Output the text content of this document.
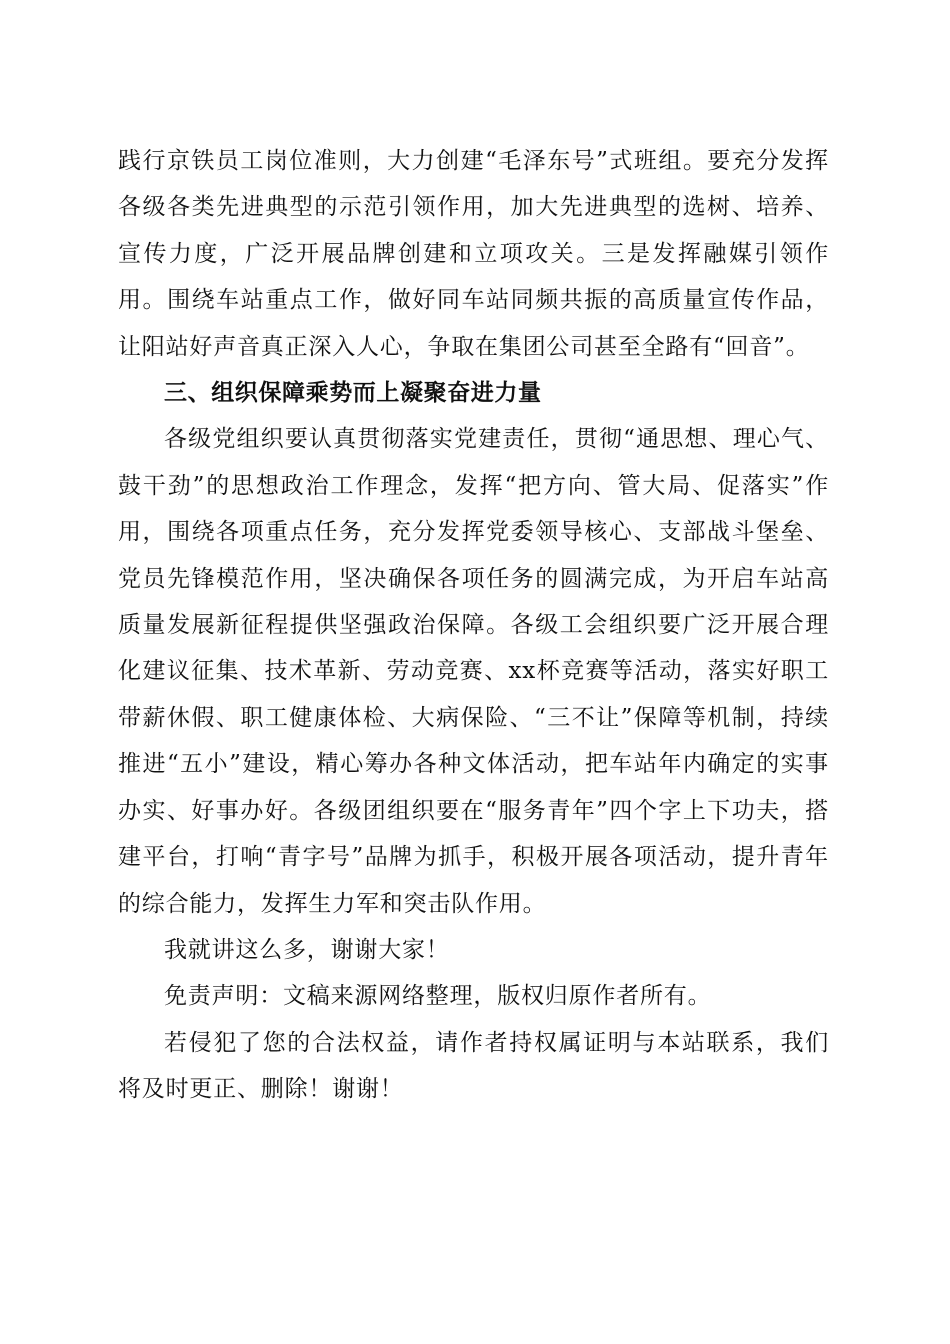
践行京铁员工岗位准则，大力创建“毛泽东号”式班组。要充分发挥各级各类先进典型的示范引领作用，加大先进典型的选树、培养、宣传力度，广泛开展品牌创建和立项攻关。三是发挥融媒引领作用。围绕车站重点工作，做好同车站同频共振的高质量宣传作品，让阳站好声音真正深入人心，争取在集团公司甚至全路有“回音”。

三、组织保障乘势而上凝聚奋进力量

各级党组织要认真贯彻落实党建责任，贯彻“通思想、理心气、鼓干劲”的思想政治工作理念，发挥“把方向、管大局、促落实”作用，围绕各项重点任务，充分发挥党委领导核心、支部战斗堡垒、党员先锋模范作用，坚决确保各项任务的圆满完成，为开启车站高质量发展新征程提供坚强政治保障。各级工会组织要广泛开展合理化建议征集、技术革新、劳动竞赛、xx杯竞赛等活动，落实好职工带薪休假、职工健康体检、大病保险、“三不让”保障等机制，持续推进“五小”建设，精心筹办各种文体活动，把车站年内确定的实事办实、好事办好。各级团组织要在“服务青年”四个字上下功夫，搭建平台，打响“青字号”品牌为抓手，积极开展各项活动，提升青年的综合能力，发挥生力军和突击队作用。

我就讲这么多，谢谢大家！

免责声明：文稿来源网络整理，版权归原作者所有。

若侵犯了您的合法权益，请作者持权属证明与本站联系，我们将及时更正、删除！谢谢！
